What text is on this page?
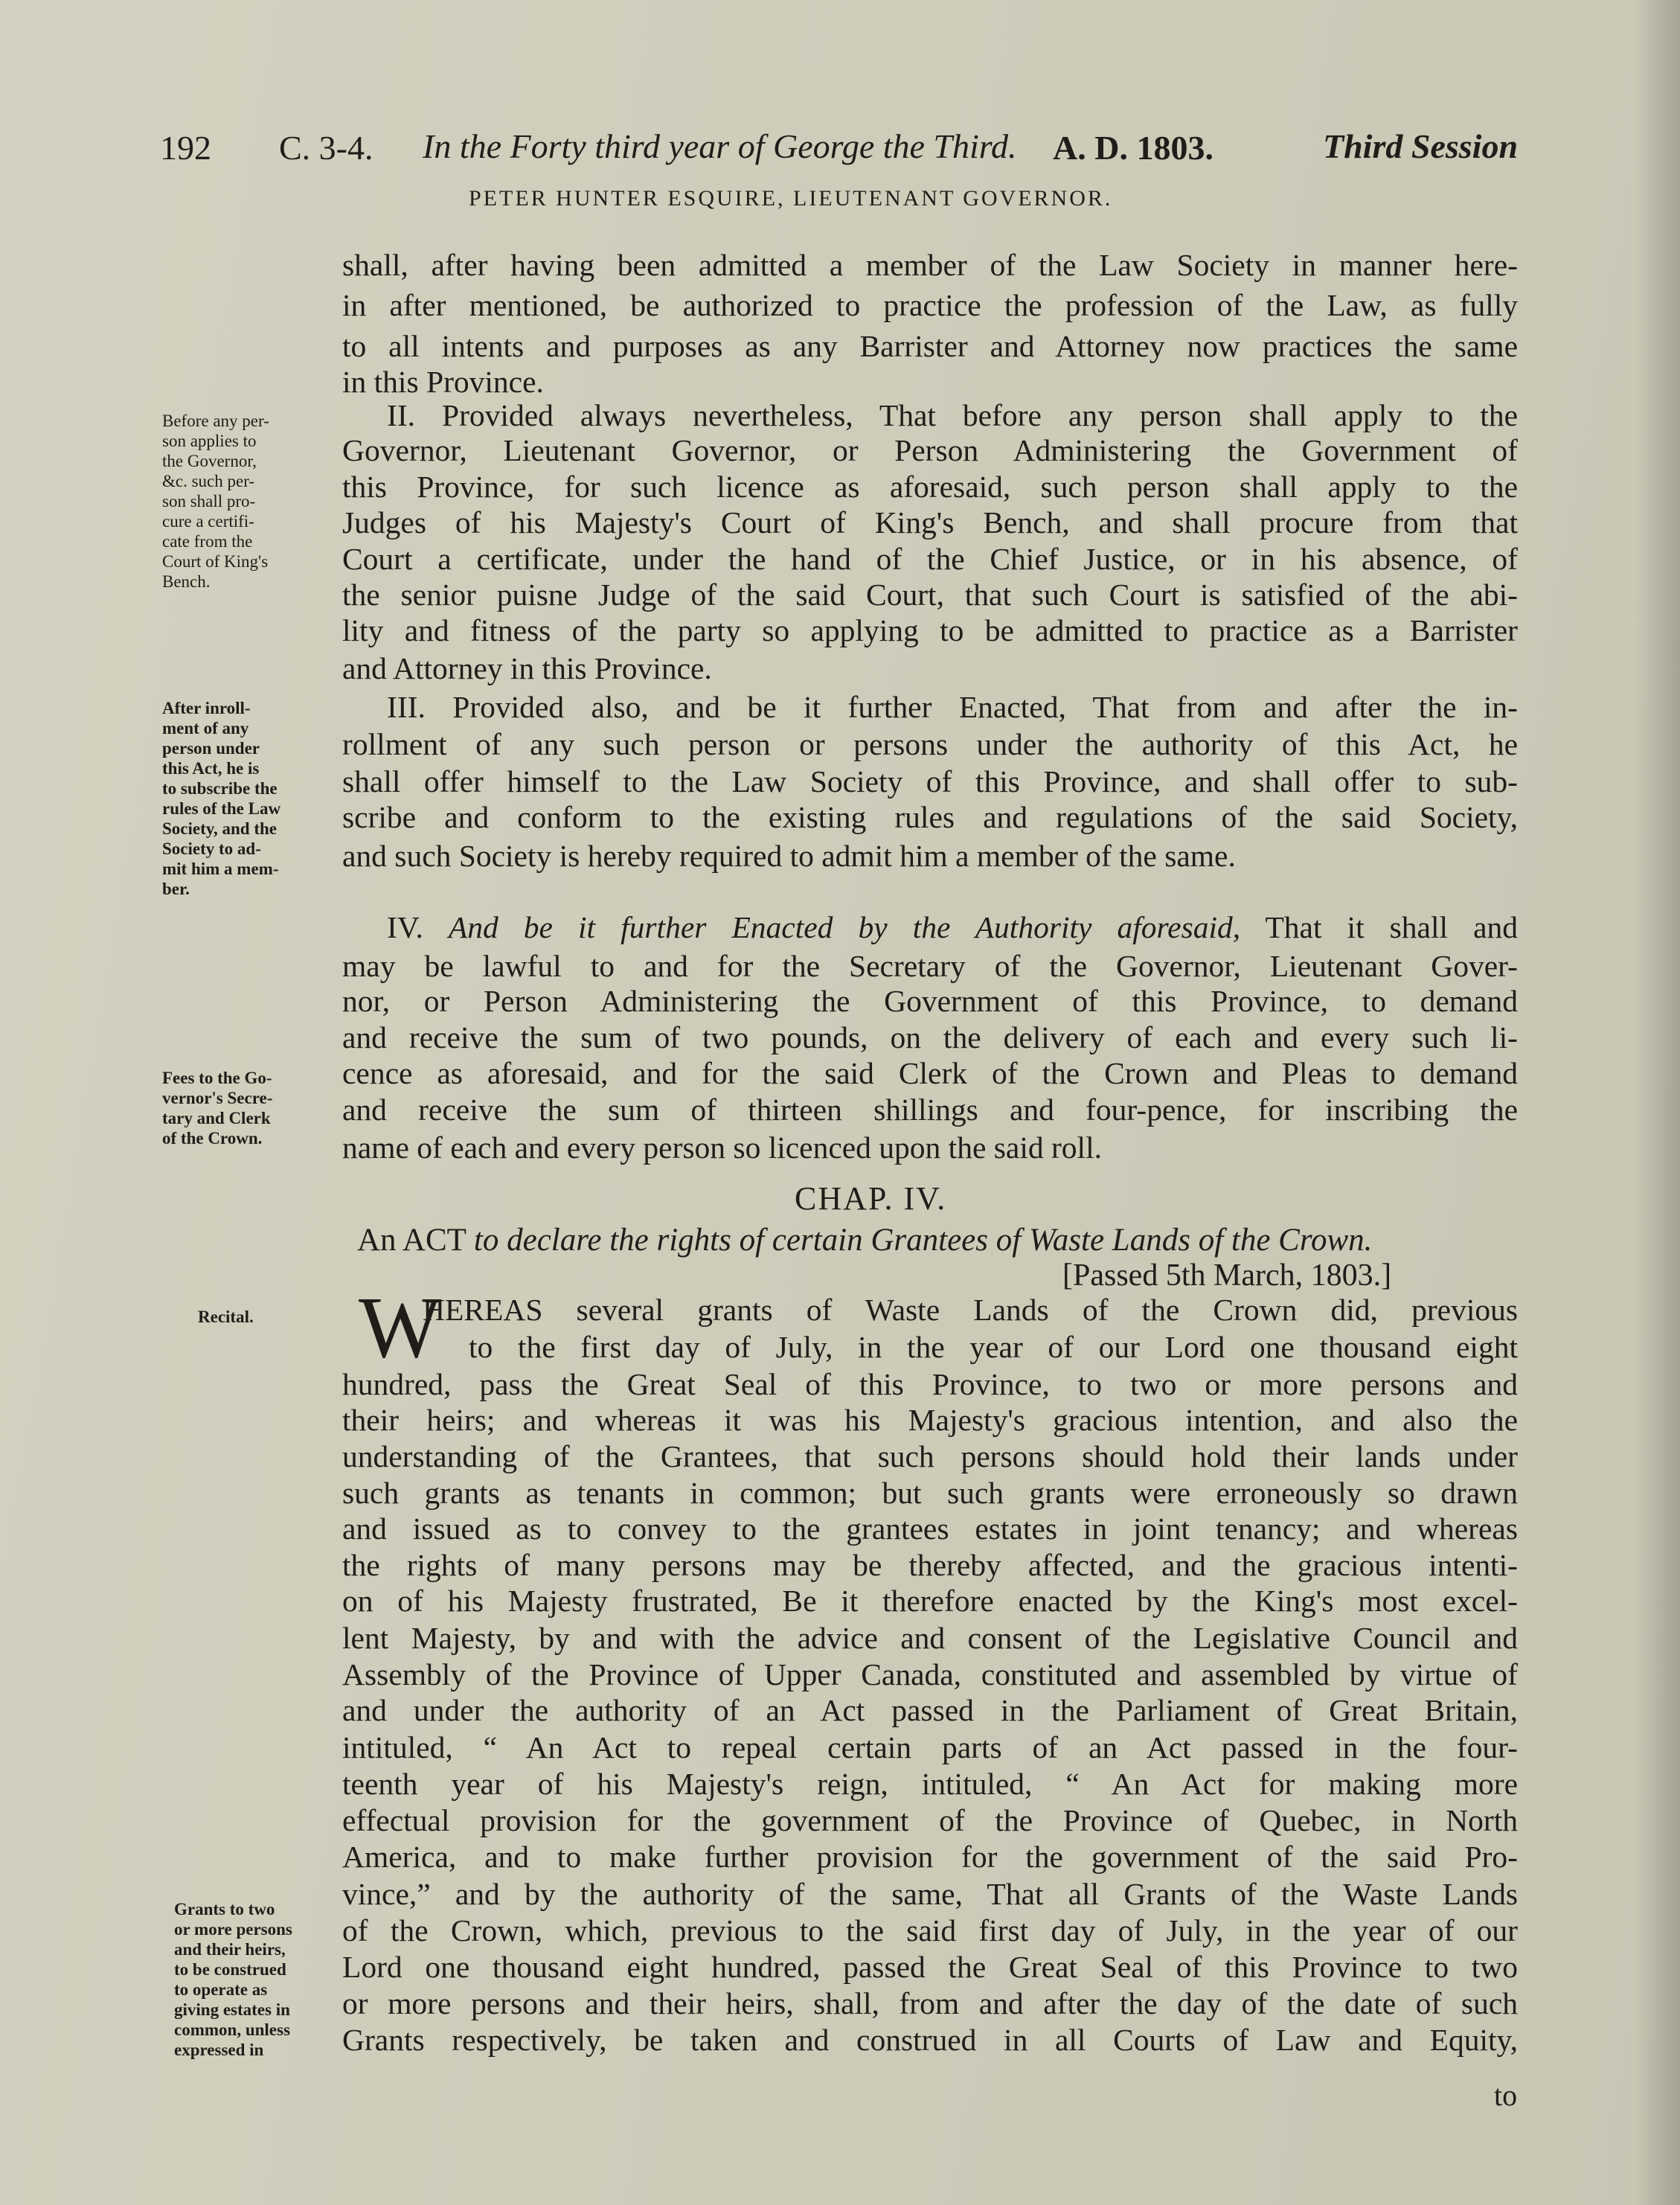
192 C. 3-4. In the Forty third year of George the Third. A. D. 1803.	Third Session
PETER HUNTER ESQUIRE, LIEUTENANT GOVERNOR.
shall, after having been admitted a member of the Law Society in manner here-
in after mentioned, be authorized to practice the profession of the Law, as fully
to all intents and purposes as any Barrister and Attorney now practices the same
in this Province.
II. Provided always nevertheless, That before any person shall apply to the
Governor, Lieutenant Governor, or Person Administering the Government of
this Province, for such licence as aforesaid, such person shall apply to the
Judges of his Majesty's Court of King's Bench, and shall procure from that
Court a certificate, under the hand of the Chief Justice, or in his absence, of
the senior puisne Judge of the said Court, that such Court is satisfied of the abi-
lity and fitness of the party so applying to be admitted to practice as a Barrister
and Attorney in this Province.
III. Provided also, and be it further Enacted, That from and after the in-
rollment of any such person or persons under the authority of this Act, he
shall offer himself to the Law Society of this Province, and shall offer to sub-
scribe and conform to the existing rules and regulations of the said Society,
and such Society is hereby required to admit him a member of the same.
IV. And be it further Enacted by the Authority aforesaid, That it shall and
may be lawful to and for the Secretary of the Governor, Lieutenant Gover-
nor, or Person Administering the Government of this Province, to demand
and receive the sum of two pounds, on the delivery of each and every such li-
cence as aforesaid, and for the said Clerk of the Crown and Pleas to demand
and receive the sum of thirteen shillings and four-pence, for inscribing the
name of each and every person so licenced upon the said roll.
CHAP. IV.
An ACT to declare the rights of certain Grantees of Waste Lands of the Crown.
[Passed 5th March, 1803.]
W
HEREAS several grants of Waste Lands of the Crown did, previous
to the first day of July, in the year of our Lord one thousand eight
hundred, pass the Great Seal of this Province, to two or more persons and
their heirs; and whereas it was his Majesty's gracious intention, and also the
understanding of the Grantees, that such persons should hold their lands under
such grants as tenants in common; but such grants were erroneously so drawn
and issued as to convey to the grantees estates in joint tenancy; and whereas
the rights of many persons may be thereby affected, and the gracious intenti-
on of his Majesty frustrated, Be it therefore enacted by the King's most excel-
lent Majesty, by and with the advice and consent of the Legislative Council and
Assembly of the Province of Upper Canada, constituted and assembled by virtue of
and under the authority of an Act passed in the Parliament of Great Britain,
intituled, “ An Act to repeal certain parts of an Act passed in the four-
teenth year of his Majesty's reign, intituled, “ An Act for making more
effectual provision for the government of the Province of Quebec, in North
America, and to make further provision for the government of the said Pro-
vince,” and by the authority of the same, That all Grants of the Waste Lands
of the Crown, which, previous to the said first day of July, in the year of our
Lord one thousand eight hundred, passed the Great Seal of this Province to two
or more persons and their heirs, shall, from and after the day of the date of such
Grants respectively, be taken and construed in all Courts of Law and Equity,
to
Before any per-
son applies to
the Governor,
&c. such per-
son shall pro-
cure a certifi-
cate from the
Court of King's
Bench.
After inroll-
ment of any
person under
this Act, he is
to subscribe the
rules of the Law
Society, and the
Society to ad-
mit him a mem-
ber.
Fees to the Go-
vernor's Secre-
tary and Clerk
of the Crown.
Recital.
Grants to two
or more persons
and their heirs,
to be construed
to operate as
giving estates in
common, unless
expressed in
